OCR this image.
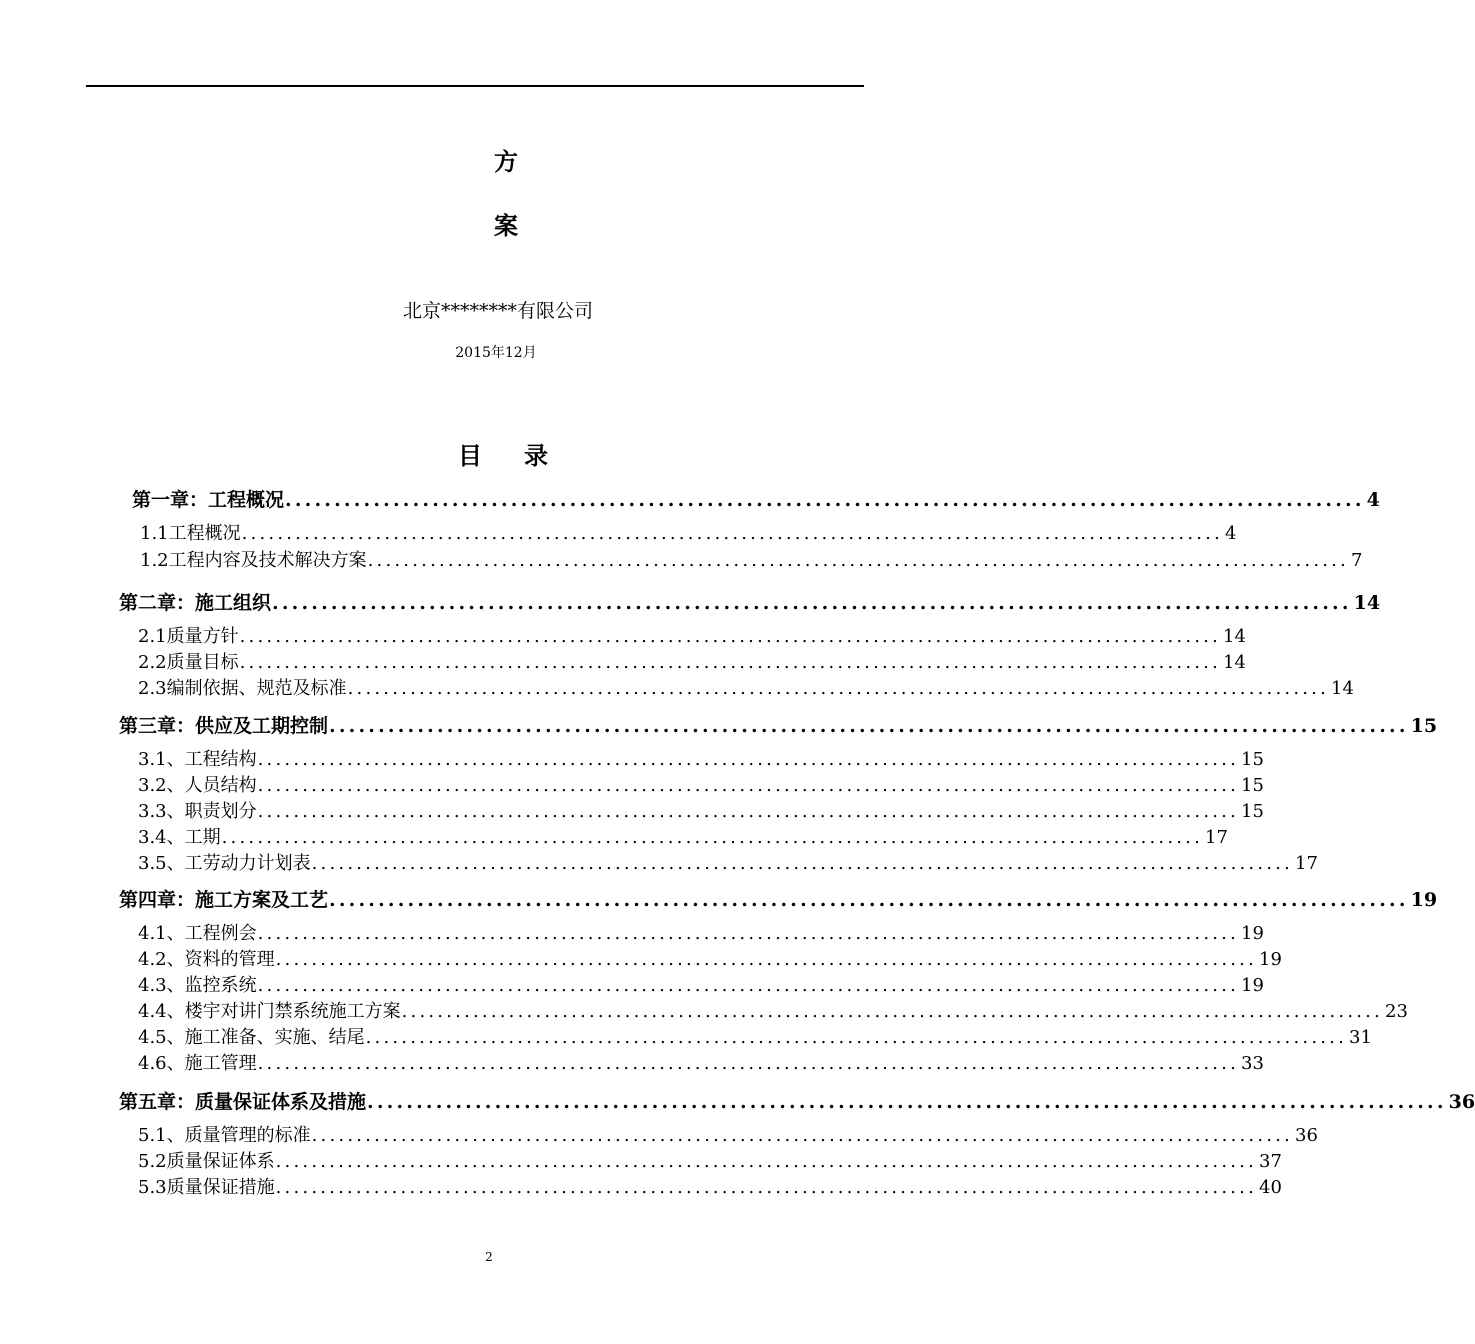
方
案
北京********有限公司
2015年12月
目 录
第一章：工程概况 .............................................................................................................. 4
1.1工程概况 .............................................................................................................. 4
1.2工程内容及技术解决方案 .............................................................................................................. 7
第二章：施工组织 .............................................................................................................. 14
2.1质量方针 .............................................................................................................. 14
2.2质量目标 .............................................................................................................. 14
2.3编制依据、规范及标准 .............................................................................................................. 14
第三章：供应及工期控制 .............................................................................................................. 15
3.1、工程结构 .............................................................................................................. 15
3.2、人员结构 .............................................................................................................. 15
3.3、职责划分 .............................................................................................................. 15
3.4、工期 .............................................................................................................. 17
3.5、工劳动力计划表 .............................................................................................................. 17
第四章：施工方案及工艺 .............................................................................................................. 19
4.1、工程例会 .............................................................................................................. 19
4.2、资料的管理 .............................................................................................................. 19
4.3、监控系统 .............................................................................................................. 19
4.4、楼宇对讲门禁系统施工方案 .............................................................................................................. 23
4.5、施工准备、实施、结尾 .............................................................................................................. 31
4.6、施工管理 .............................................................................................................. 33
第五章：质量保证体系及措施 .............................................................................................................. 36
5.1、质量管理的标准 .............................................................................................................. 36
5.2质量保证体系 .............................................................................................................. 37
5.3质量保证措施 .............................................................................................................. 40
2
